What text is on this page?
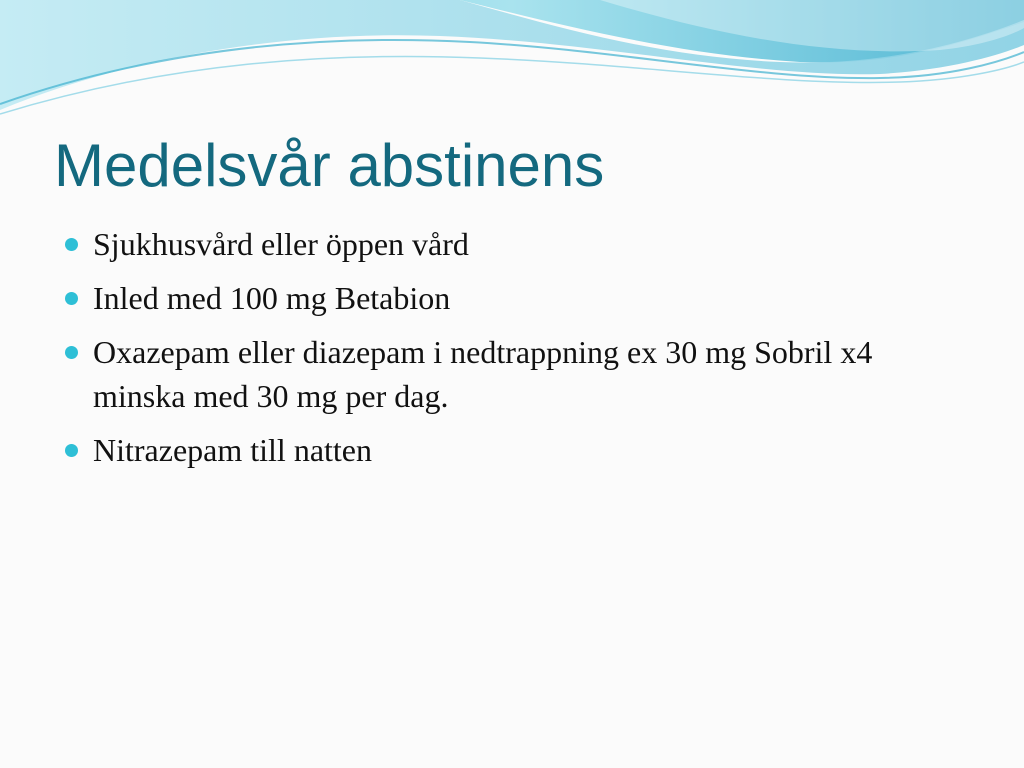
Medelsvår abstinens
Sjukhusvård eller öppen vård
Inled med 100 mg Betabion
Oxazepam eller diazepam i nedtrappning ex 30 mg Sobril x4 minska med 30 mg per dag.
Nitrazepam till natten
